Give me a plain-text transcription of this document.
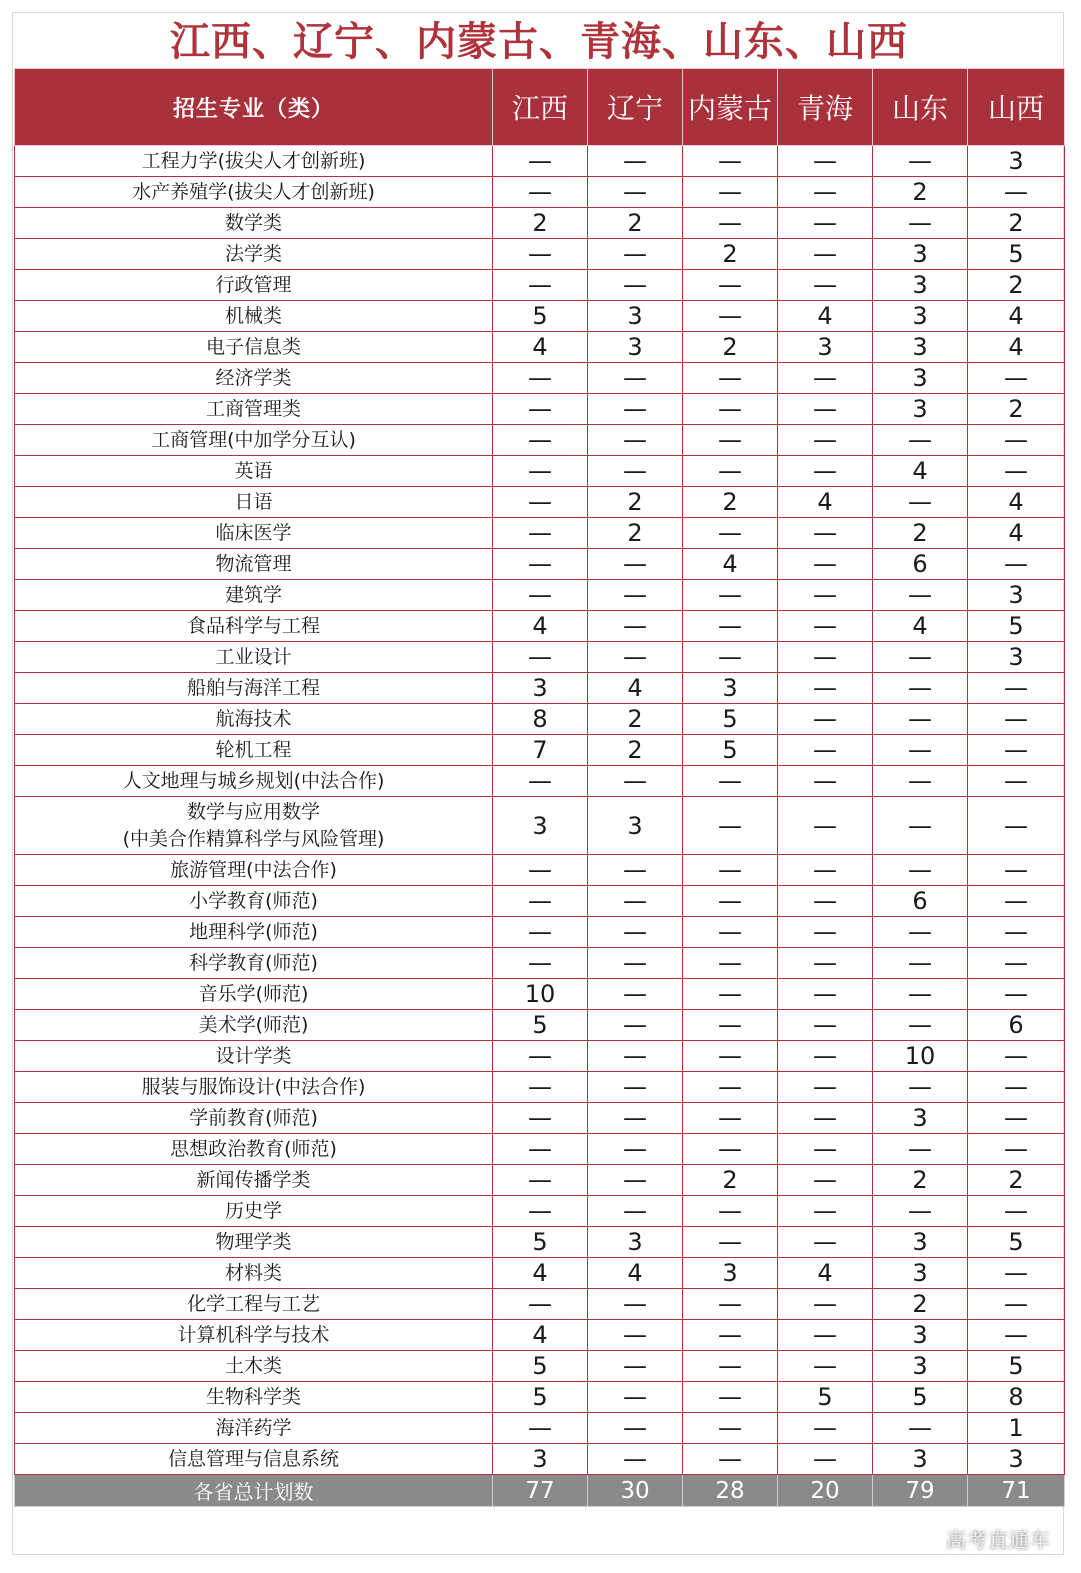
江西、辽宁、内蒙古、青海、山东、山西
招生专业（类）	江西	辽宁	内蒙古	青海	山东	山西

工程力学(拔尖人才创新班)	—	—	—	—	—	3

水产养殖学(拔尖人才创新班)	—	—	—	—	2	—

数学类	2	2	—	—	—	2

法学类	—	—	2	—	3	5

行政管理	—	—	—	—	3	2

机械类	5	3	—	4	3	4

电子信息类	4	3	2	3	3	4

经济学类	—	—	—	—	3	—

工商管理类	—	—	—	—	3	2

工商管理(中加学分互认)	—	—	—	—	—	—

英语	—	—	—	—	4	—

日语	—	2	2	4	—	4

临床医学	—	2	—	—	2	4

物流管理	—	—	4	—	6	—

建筑学	—	—	—	—	—	3

食品科学与工程	4	—	—	—	4	5

工业设计	—	—	—	—	—	3

船舶与海洋工程	3	4	3	—	—	—

航海技术	8	2	5	—	—	—

轮机工程	7	2	5	—	—	—

人文地理与城乡规划(中法合作)	—	—	—	—	—	—

数学与应用数学
(中美合作精算科学与风险管理)	3	3	—	—	—	—

旅游管理(中法合作)	—	—	—	—	—	—

小学教育(师范)	—	—	—	—	6	—

地理科学(师范)	—	—	—	—	—	—

科学教育(师范)	—	—	—	—	—	—

音乐学(师范)	10	—	—	—	—	—

美术学(师范)	5	—	—	—	—	6

设计学类	—	—	—	—	10	—

服装与服饰设计(中法合作)	—	—	—	—	—	—

学前教育(师范)	—	—	—	—	3	—

思想政治教育(师范)	—	—	—	—	—	—

新闻传播学类	—	—	2	—	2	2

历史学	—	—	—	—	—	—

物理学类	5	3	—	—	3	5

材料类	4	4	3	4	3	—

化学工程与工艺	—	—	—	—	2	—

计算机科学与技术	4	—	—	—	3	—

土木类	5	—	—	—	3	5

生物科学类	5	—	—	5	5	8

海洋药学	—	—	—	—	—	1

信息管理与信息系统	3	—	—	—	3	3
各省总计划数	77	30	28	20	79	71
高考直通车
